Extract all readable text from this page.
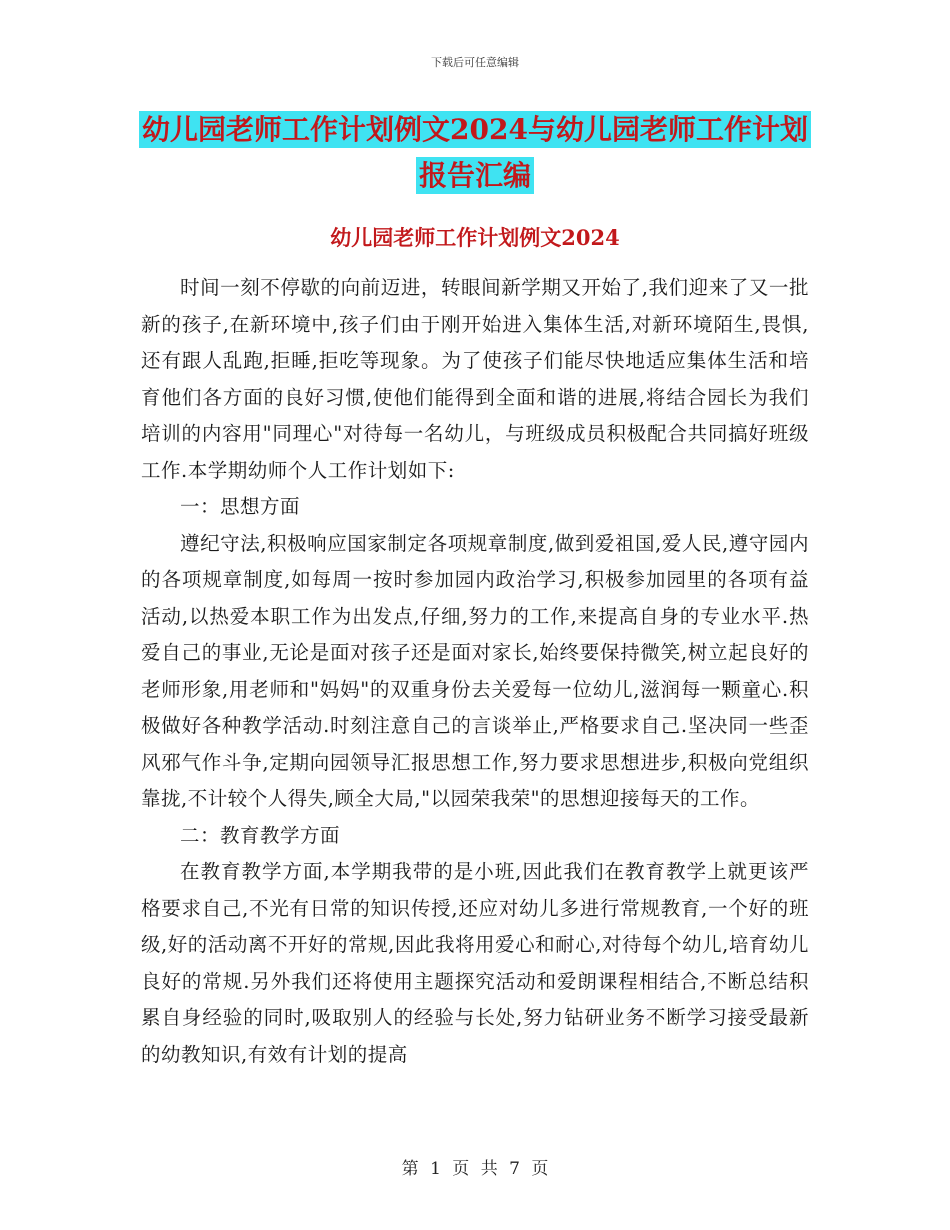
下载后可任意编辑
幼儿园老师工作计划例文2024与幼儿园老师工作计划
报告汇编
幼儿园老师工作计划例文2024

时间一刻不停歇的向前迈进，转眼间新学期又开始了,我们迎来了又一批新的孩子,在新环境中,孩子们由于刚开始进入集体生活,对新环境陌生,畏惧,还有跟人乱跑,拒睡,拒吃等现象。为了使孩子们能尽快地适应集体生活和培育他们各方面的良好习惯,使他们能得到全面和谐的进展,将结合园长为我们培训的内容用"同理心"对待每一名幼儿，与班级成员积极配合共同搞好班级工作.本学期幼师个人工作计划如下:

一：思想方面

遵纪守法,积极响应国家制定各项规章制度,做到爱祖国,爱人民,遵守园内的各项规章制度,如每周一按时参加园内政治学习,积极参加园里的各项有益活动,以热爱本职工作为出发点,仔细,努力的工作,来提高自身的专业水平.热爱自己的事业,无论是面对孩子还是面对家长,始终要保持微笑,树立起良好的老师形象,用老师和"妈妈"的双重身份去关爱每一位幼儿,滋润每一颗童心.积极做好各种教学活动.时刻注意自己的言谈举止,严格要求自己.坚决同一些歪风邪气作斗争,定期向园领导汇报思想工作,努力要求思想进步,积极向党组织靠拢,不计较个人得失,顾全大局,"以园荣我荣"的思想迎接每天的工作。

二：教育教学方面

在教育教学方面,本学期我带的是小班,因此我们在教育教学上就更该严格要求自己,不光有日常的知识传授,还应对幼儿多进行常规教育,一个好的班级,好的活动离不开好的常规,因此我将用爱心和耐心,对待每个幼儿,培育幼儿良好的常规.另外我们还将使用主题探究活动和爱朗课程相结合,不断总结积累自身经验的同时,吸取别人的经验与长处,努力钻研业务不断学习接受最新的幼教知识,有效有计划的提高

第 1 页 共 7 页
